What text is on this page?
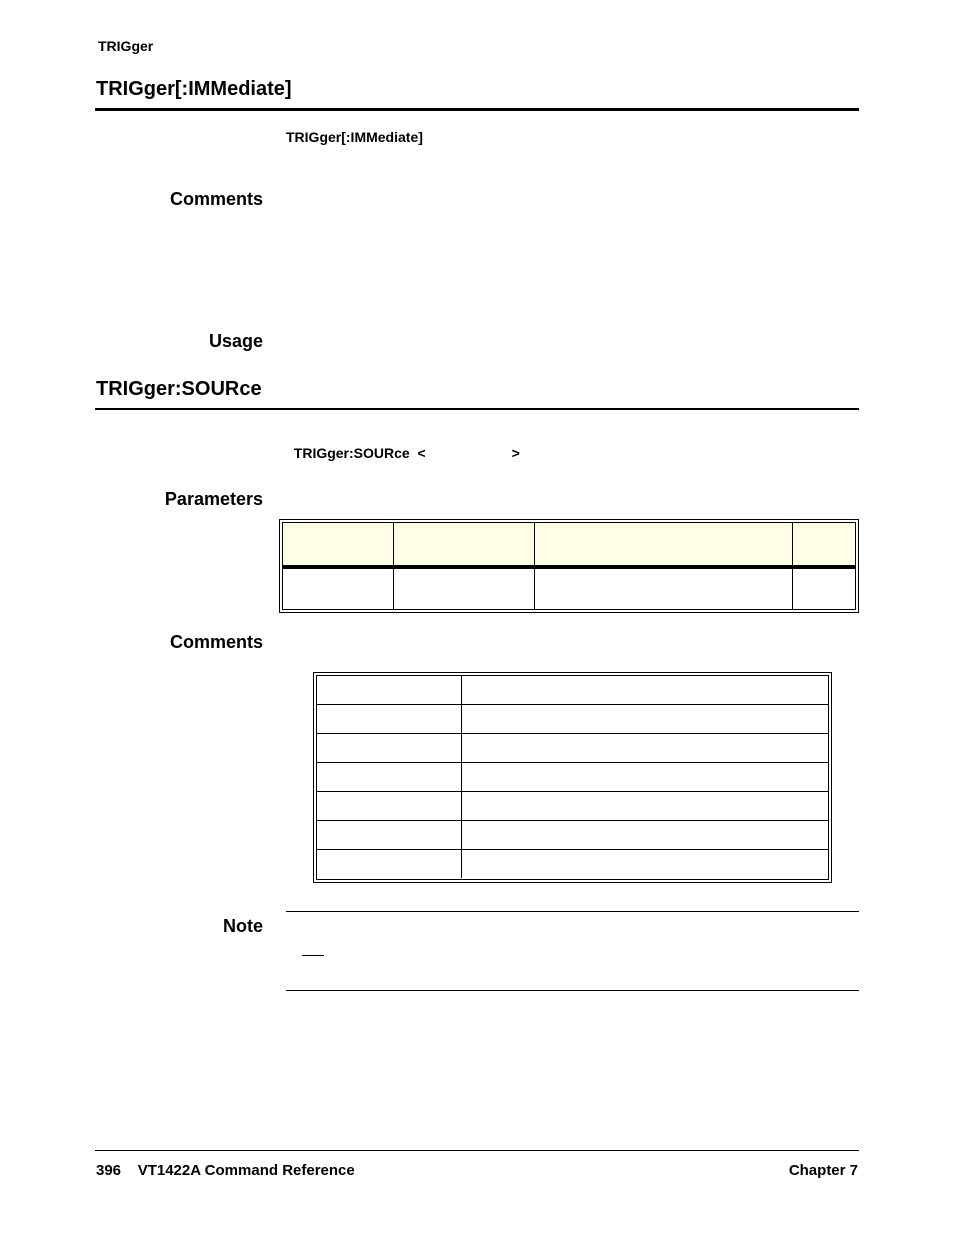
TRIGger
TRIGger[:IMMediate]
TRIGger[:IMMediate]
Comments
Usage
TRIGger:SOURce

TRIGger:SOURce <	>

Parameters
Comments
Note
396 VT1422A Command Reference	Chapter 7
